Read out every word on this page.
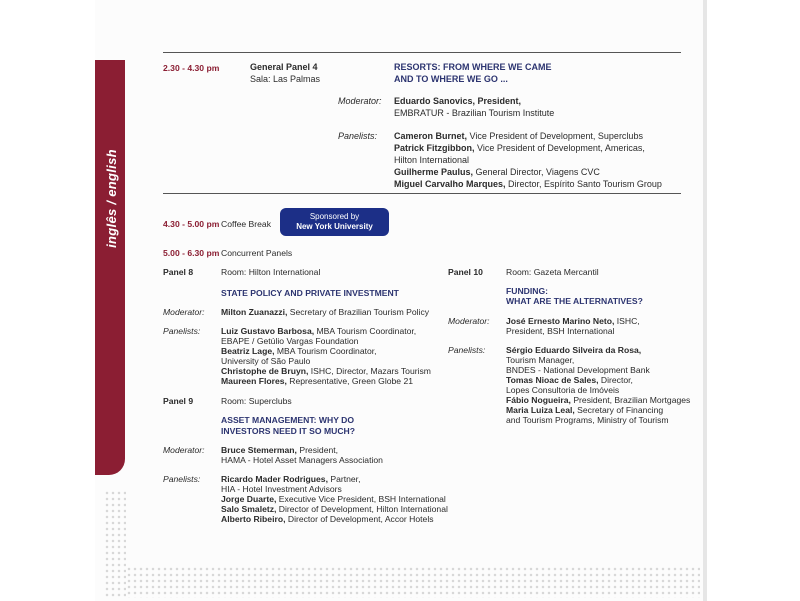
inglês / english
2.30 - 4.30 pm	General Panel 4
Sala: Las Palmas
RESORTS: FROM WHERE WE CAME
AND TO WHERE WE GO ...
Moderator: Eduardo Sanovics, President,
EMBRATUR - Brazilian Tourism Institute
Panelists: Cameron Burnet, Vice President of Development, Superclubs
Patrick Fitzgibbon, Vice President of Development, Americas,
Hilton International
Guilherme Paulus, General Director, Viagens CVC
Miguel Carvalho Marques, Director, Espírito Santo Tourism Group
4.30 - 5.00 pm Coffee Break
Sponsored by
New York University
5.00 - 6.30 pm Concurrent Panels
Panel 8	Room: Hilton International
STATE POLICY AND PRIVATE INVESTMENT
Moderator: Milton Zuanazzi, Secretary of Brazilian Tourism Policy
Panelists: Luiz Gustavo Barbosa, MBA Tourism Coordinator,
EBAPE / Getúlio Vargas Foundation
Beatriz Lage, MBA Tourism Coordinator,
University of São Paulo
Christophe de Bruyn, ISHC, Director, Mazars Tourism
Maureen Flores, Representative, Green Globe 21
Panel 9	Room: Superclubs
ASSET MANAGEMENT: WHY DO
INVESTORS NEED IT SO MUCH?
Moderator: Bruce Stemerman, President,
HAMA - Hotel Asset Managers Association
Panelists: Ricardo Mader Rodrigues, Partner,
HIA - Hotel Investment Advisors
Jorge Duarte, Executive Vice President, BSH International
Salo Smaletz, Director of Development, Hilton International
Alberto Ribeiro, Director of Development, Accor Hotels
Panel 10	Room: Gazeta Mercantil
FUNDING:
WHAT ARE THE ALTERNATIVES?
Moderator: José Ernesto Marino Neto, ISHC,
President, BSH International
Panelists: Sérgio Eduardo Silveira da Rosa,
Tourism Manager,
BNDES - National Development Bank
Tomas Nioac de Sales, Director,
Lopes Consultoria de Imóveis
Fábio Nogueira, President, Brazilian Mortgages
Maria Luiza Leal, Secretary of Financing
and Tourism Programs, Ministry of Tourism
